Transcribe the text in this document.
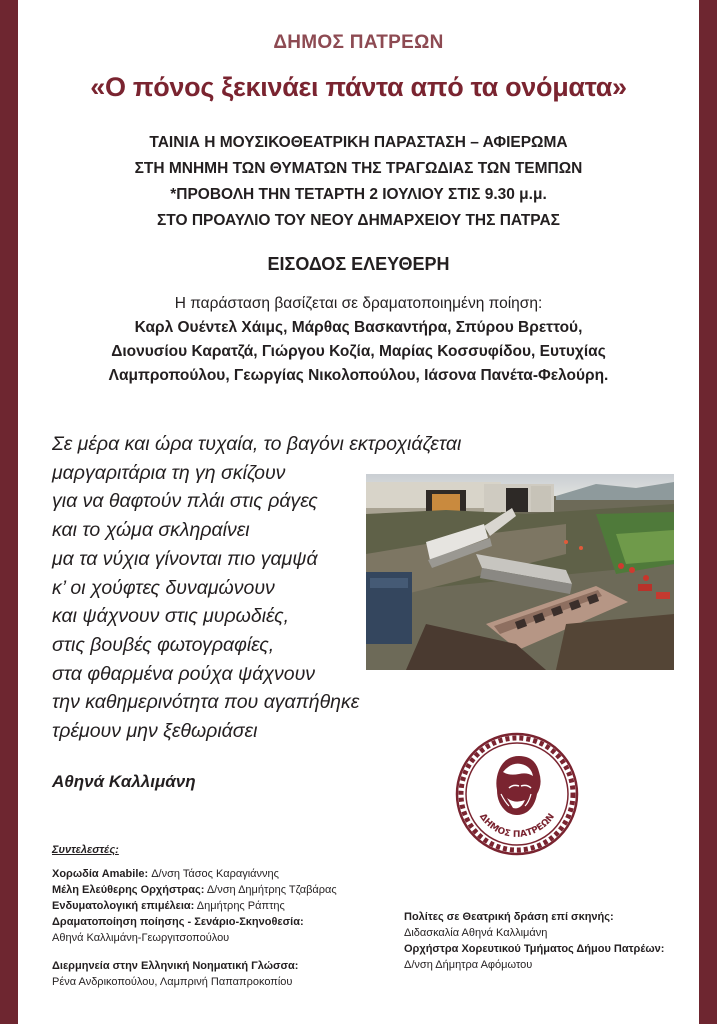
ΔΗΜΟΣ ΠΑΤΡΕΩΝ
«Ο πόνος ξεκινάει πάντα από τα ονόματα»
ΤΑΙΝΙΑ Η ΜΟΥΣΙΚΟΘΕΑΤΡΙΚΗ ΠΑΡΑΣΤΑΣΗ – ΑΦΙΕΡΩΜΑ
ΣΤΗ ΜΝΗΜΗ ΤΩΝ ΘΥΜΑΤΩΝ ΤΗΣ ΤΡΑΓΩΔΙΑΣ ΤΩΝ ΤΕΜΠΩΝ
*ΠΡΟΒΟΛΗ ΤΗΝ ΤΕΤΑΡΤΗ 2 ΙΟΥΛΙΟΥ ΣΤΙΣ 9.30 μ.μ.
ΣΤΟ ΠΡΟΑΥΛΙΟ ΤΟΥ ΝΕΟΥ ΔΗΜΑΡΧΕΙΟΥ ΤΗΣ ΠΑΤΡΑΣ
ΕΙΣΟΔΟΣ ΕΛΕΥΘΕΡΗ
Η παράσταση βασίζεται σε δραματοποιημένη ποίηση:
Καρλ Ουέντελ Χάιμς, Μάρθας Βασκαντήρα, Σπύρου Βρεττού,
Διονυσίου Καρατζά, Γιώργου Κοζία, Μαρίας Κοσσυφίδου, Ευτυχίας
Λαμπροπούλου, Γεωργίας Νικολοπούλου, Ιάσονα Πανέτα-Φελούρη.
Σε μέρα και ώρα τυχαία, το βαγόνι εκτροχιάζεται
μαργαριτάρια τη γη σκίζουν
για να θαφτούν πλάι στις ράγες
και το χώμα σκληραίνει
μα τα νύχια γίνονται πιο γαμψά
κ’ οι χούφτες δυναμώνουν
και ψάχνουν στις μυρωδιές,
στις βουβές φωτογραφίες,
στα φθαρμένα ρούχα ψάχνουν
την καθημερινότητα που αγαπήθηκε
τρέμουν μην ξεθωριάσει
Αθηνά Καλλιμάνη
ΔΗΜΟΣ ΠΑΤΡΕΩΝ
Συντελεστές:
Χορωδία Amabile: Δ/νση Τάσος Καραγιάννης
Μέλη Ελεύθερης Ορχήστρας: Δ/νση Δημήτρης Τζαβάρας
Ενδυματολογική επιμέλεια: Δημήτρης Ράπτης
Δραματοποίηση ποίησης - Σενάριο-Σκηνοθεσία:
Αθηνά Καλλιμάνη-Γεωργιτσοπούλου
Διερμηνεία στην Ελληνική Νοηματική Γλώσσα:
Ρένα Ανδρικοπούλου, Λαμπρινή Παπαπροκοπίου
Πολίτες σε Θεατρική δράση επί σκηνής:
Διδασκαλία Αθηνά Καλλιμάνη
Ορχήστρα Χορευτικού Τμήματος Δήμου Πατρέων:
Δ/νση Δήμητρα Αφόμωτου
